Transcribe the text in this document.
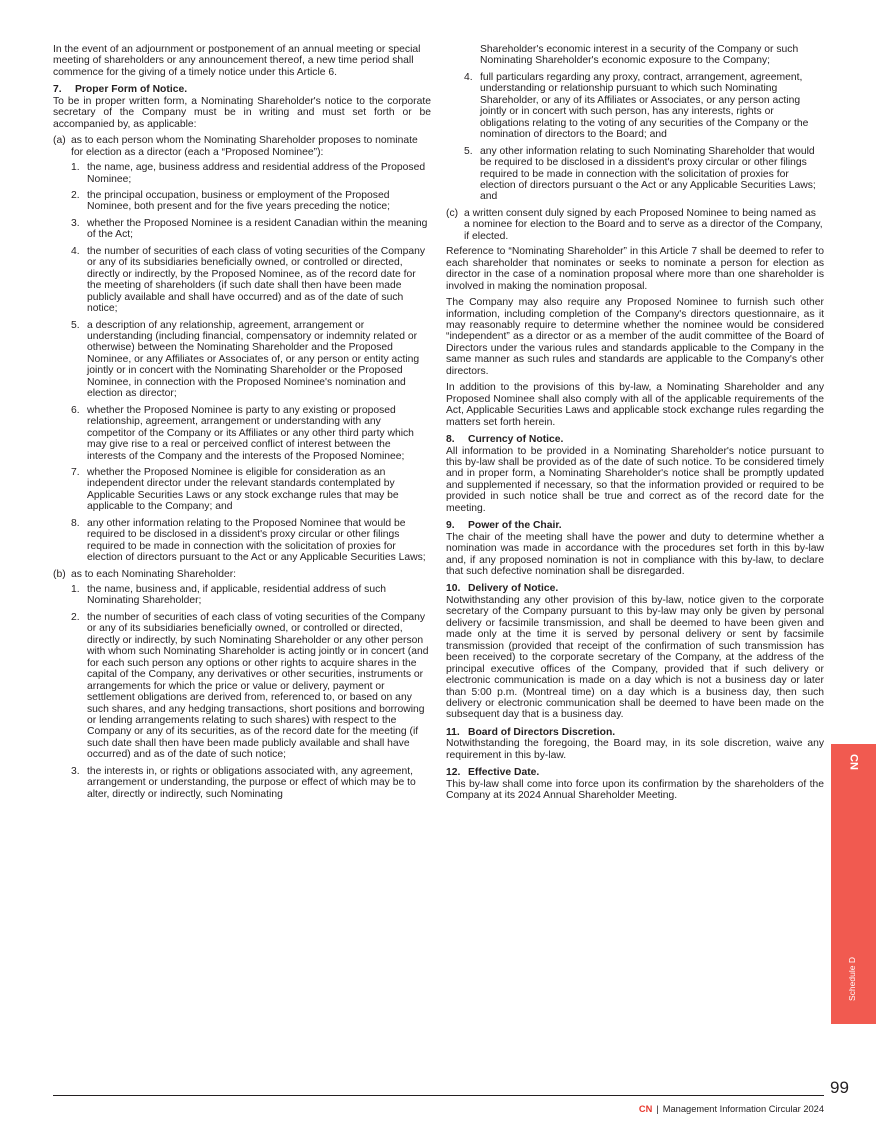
In the event of an adjournment or postponement of an annual meeting or special meeting of shareholders or any announcement thereof, a new time period shall commence for the giving of a timely notice under this Article 6.

7. Proper Form of Notice.

To be in proper written form, a Nominating Shareholder's notice to the corporate secretary of the Company must be in writing and must set forth or be accompanied by, as applicable:

(a) as to each person whom the Nominating Shareholder proposes to nominate for election as a director (each a “Proposed Nominee”):
1. the name, age, business address and residential address of the Proposed Nominee;
2. the principal occupation, business or employment of the Proposed Nominee, both present and for the five years preceding the notice;
3. whether the Proposed Nominee is a resident Canadian within the meaning of the Act;
4. the number of securities of each class of voting securities of the Company or any of its subsidiaries beneficially owned, or controlled or directed, directly or indirectly, by the Proposed Nominee, as of the record date for the meeting of shareholders (if such date shall then have been made publicly available and shall have occurred) and as of the date of such notice;
5. a description of any relationship, agreement, arrangement or understanding (including financial, compensatory or indemnity related or otherwise) between the Nominating Shareholder and the Proposed Nominee, or any Affiliates or Associates of, or any person or entity acting jointly or in concert with the Nominating Shareholder or the Proposed Nominee, in connection with the Proposed Nominee's nomination and election as director;
6. whether the Proposed Nominee is party to any existing or proposed relationship, agreement, arrangement or understanding with any competitor of the Company or its Affiliates or any other third party which may give rise to a real or perceived conflict of interest between the interests of the Company and the interests of the Proposed Nominee;
7. whether the Proposed Nominee is eligible for consideration as an independent director under the relevant standards contemplated by Applicable Securities Laws or any stock exchange rules that may be applicable to the Company; and
8. any other information relating to the Proposed Nominee that would be required to be disclosed in a dissident's proxy circular or other filings required to be made in connection with the solicitation of proxies for election of directors pursuant to the Act or any Applicable Securities Laws;
(b) as to each Nominating Shareholder:
1. the name, business and, if applicable, residential address of such Nominating Shareholder;
2. the number of securities of each class of voting securities of the Company or any of its subsidiaries beneficially owned, or controlled or directed, directly or indirectly, by such Nominating Shareholder or any other person with whom such Nominating Shareholder is acting jointly or in concert (and for each such person any options or other rights to acquire shares in the capital of the Company, any derivatives or other securities, instruments or arrangements for which the price or value or delivery, payment or settlement obligations are derived from, referenced to, or based on any such shares, and any hedging transactions, short positions and borrowing or lending arrangements relating to such shares) with respect to the Company or any of its securities, as of the record date for the meeting (if such date shall then have been made publicly available and shall have occurred) and as of the date of such notice;
3. the interests in, or rights or obligations associated with, any agreement, arrangement or understanding, the purpose or effect of which may be to alter, directly or indirectly, such Nominating

Shareholder's economic interest in a security of the Company or such Nominating Shareholder's economic exposure to the Company;

4. full particulars regarding any proxy, contract, arrangement, agreement, understanding or relationship pursuant to which such Nominating Shareholder, or any of its Affiliates or Associates, or any person acting jointly or in concert with such person, has any interests, rights or obligations relating to the voting of any securities of the Company or the nomination of directors to the Board; and
5. any other information relating to such Nominating Shareholder that would be required to be disclosed in a dissident's proxy circular or other filings required to be made in connection with the solicitation of proxies for election of directors pursuant o the Act or any Applicable Securities Laws; and
(c) a written consent duly signed by each Proposed Nominee to being named as a nominee for election to the Board and to serve as a director of the Company, if elected.

Reference to “Nominating Shareholder” in this Article 7 shall be deemed to refer to each shareholder that nominates or seeks to nominate a person for election as director in the case of a nomination proposal where more than one shareholder is involved in making the nomination proposal.

The Company may also require any Proposed Nominee to furnish such other information, including completion of the Company's directors questionnaire, as it may reasonably require to determine whether the nominee would be considered “independent” as a director or as a member of the audit committee of the Board of Directors under the various rules and standards applicable to the Company in the same manner as such rules and standards are applicable to the Company's other directors.

In addition to the provisions of this by-law, a Nominating Shareholder and any Proposed Nominee shall also comply with all of the applicable requirements of the Act, Applicable Securities Laws and applicable stock exchange rules regarding the matters set forth herein.

8. Currency of Notice.

All information to be provided in a Nominating Shareholder's notice pursuant to this by-law shall be provided as of the date of such notice. To be considered timely and in proper form, a Nominating Shareholder's notice shall be promptly updated and supplemented if necessary, so that the information provided or required to be provided in such notice shall be true and correct as of the record date for the meeting.

9. Power of the Chair.

The chair of the meeting shall have the power and duty to determine whether a nomination was made in accordance with the procedures set forth in this by-law and, if any proposed nomination is not in compliance with this by-law, to declare that such defective nomination shall be disregarded.

10. Delivery of Notice.

Notwithstanding any other provision of this by-law, notice given to the corporate secretary of the Company pursuant to this by-law may only be given by personal delivery or facsimile transmission, and shall be deemed to have been given and made only at the time it is served by personal delivery or sent by facsimile transmission (provided that receipt of the confirmation of such transmission has been received) to the corporate secretary of the Company, at the address of the principal executive offices of the Company, provided that if such delivery or electronic communication is made on a day which is not a business day or later than 5:00 p.m. (Montreal time) on a day which is a business day, then such delivery or electronic communication shall be deemed to have been made on the subsequent day that is a business day.

11. Board of Directors Discretion.

Notwithstanding the foregoing, the Board may, in its sole discretion, waive any requirement in this by-law.

12. Effective Date.

This by-law shall come into force upon its confirmation by the shareholders of the Company at its 2024 Annual Shareholder Meeting.

CN
Schedule D
99
CN | Management Information Circular 2024
